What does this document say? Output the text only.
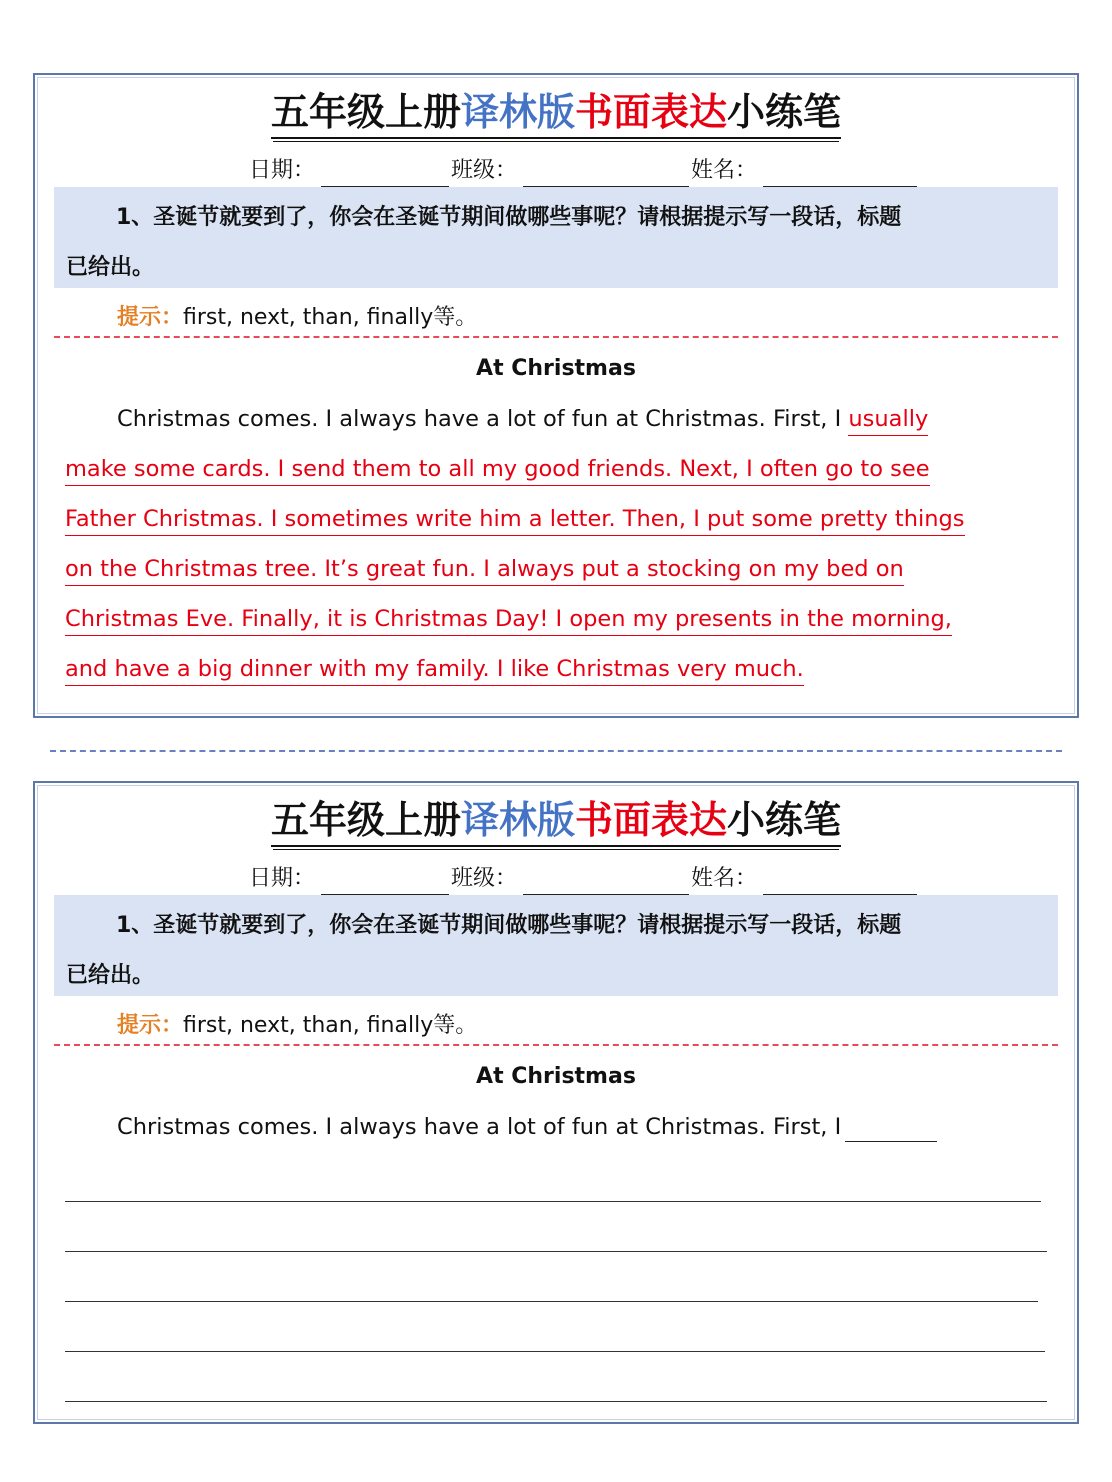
五年级上册译林版书面表达小练笔
日期：	班级：	姓名：
1、圣诞节就要到了，你会在圣诞节期间做哪些事呢？请根据提示写一段话，标题
已给出。
提示：first, next, than, finally等。
At Christmas
Christmas comes. I always have a lot of fun at Christmas. First, I usually
make some cards. I send them to all my good friends. Next, I often go to see
Father Christmas. I sometimes write him a letter. Then, I put some pretty things
on the Christmas tree. It’s great fun. I always put a stocking on my bed on
Christmas Eve. Finally, it is Christmas Day! I open my presents in the morning,
and have a big dinner with my family. I like Christmas very much.
五年级上册译林版书面表达小练笔
日期：	班级：	姓名：
1、圣诞节就要到了，你会在圣诞节期间做哪些事呢？请根据提示写一段话，标题
已给出。
提示：first, next, than, finally等。
At Christmas
Christmas comes. I always have a lot of fun at Christmas. First, I
